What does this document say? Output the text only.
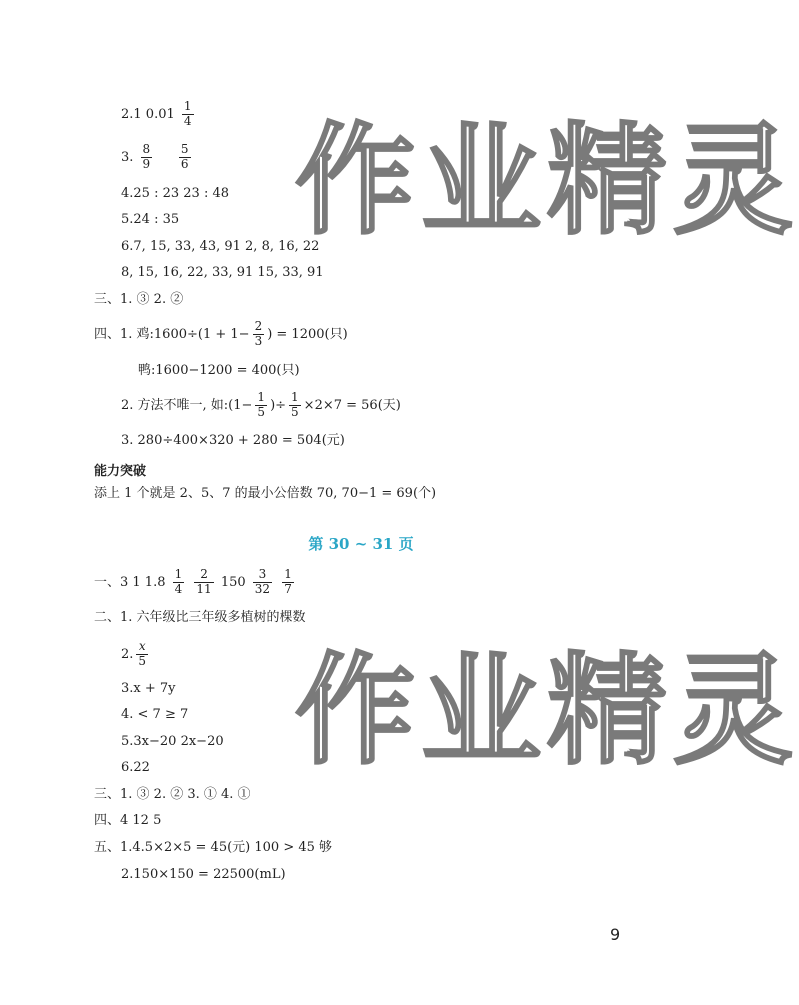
作业精灵
作业精灵
2.1 $0.01 \frac{1}{4}$
3. $\frac{8}{9}$
$\frac{5}{6}$
4.25 : 23 23 : 48
5.24 : 35
6.7, 15, 33, 43, 91 2, 8, 16, 22
8, 15, 16, 22, 33, 91 15, 33, 91
三、1. ③ 2. ②
四、1. 鸡:1600÷(1 + $1- \frac{2}{3}$ ) = 1200(只)
鸭:1600−1200 = 400(只)
2. 方法不唯一, 如:(1− $\frac{1}{5}$ )÷ $\frac{1}{5} \times 2\times 7 = 56$(天)
3. 280÷400×320 + 280 = 504(元)
能力突破
添上 1 个就是 2、5、7 的最小公倍数 70, 70−1 = 69(个)
第 30 ~ 31 页
一、3 1 $1.8 \frac{1}{4}$
$\frac{2}{11} 150 \frac{3}{32}$
$\frac{1}{7}$
二、1. 六年级比三年级多植树的棵数
2. $\frac{x}{5}$
3.x + 7y
4. < 7 ≥ 7
5.3x−20 2x−20
6.22
三、1. ③ 2. ② 3. ① 4. ①
四、4 12 5
五、1.4.5×2×5 = 45(元) 100 > 45 够
2.150×150 = 22500(mL)
9
